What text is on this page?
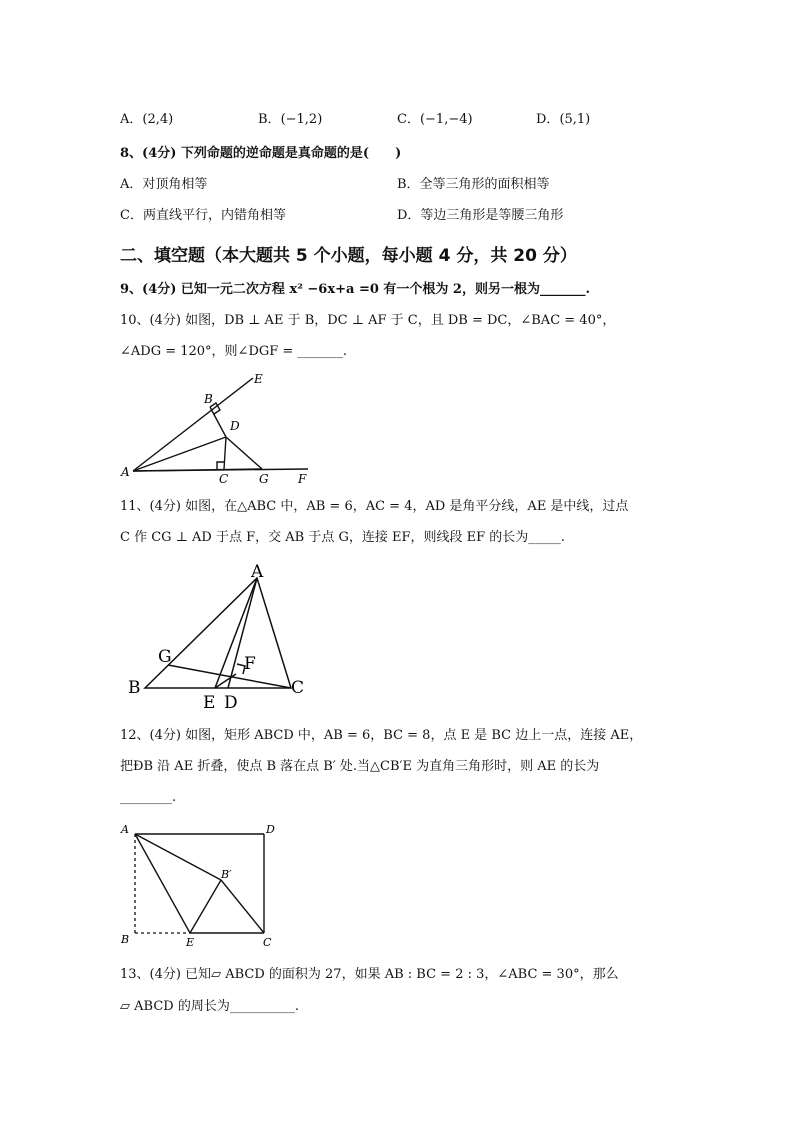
A．(2,4)	B．(−1,2)	C．(−1,−4)	D．(5,1)
8、(4分) 下列命题的逆命题是真命题的是(　　)
A．对顶角相等	B．全等三角形的面积相等
C．两直线平行，内错角相等	D．等边三角形是等腰三角形
二、填空题（本大题共 5 个小题，每小题 4 分，共 20 分）
9、(4分) 已知一元二次方程 x² −6x+a =0 有一个根为 2，则另一根为_______.
10、(4分) 如图，DB ⊥ AE 于 B，DC ⊥ AF 于 C，且 DB = DC，∠BAC = 40°，
∠ADG = 120°，则∠DGF = _______.
A
B
C
D
E
F
G
11、(4分) 如图，在△ABC 中，AB = 6，AC = 4，AD 是角平分线，AE 是中线，过点
C 作 CG ⊥ AD 于点 F，交 AB 于点 G，连接 EF，则线段 EF 的长为_____.
A
B	C
D
E
F
G
12、(4分) 如图，矩形 ABCD 中，AB = 6，BC = 8，点 E 是 BC 边上一点，连接 AE，
把ÐB 沿 AE 折叠，使点 B 落在点 B′ 处.当△CB′E 为直角三角形时，则 AE 的长为
________.
A	D
B	E	C
B′
13、(4分) 已知▱ ABCD 的面积为 27，如果 AB : BC = 2 : 3，∠ABC = 30°，那么
▱ ABCD 的周长为__________.
